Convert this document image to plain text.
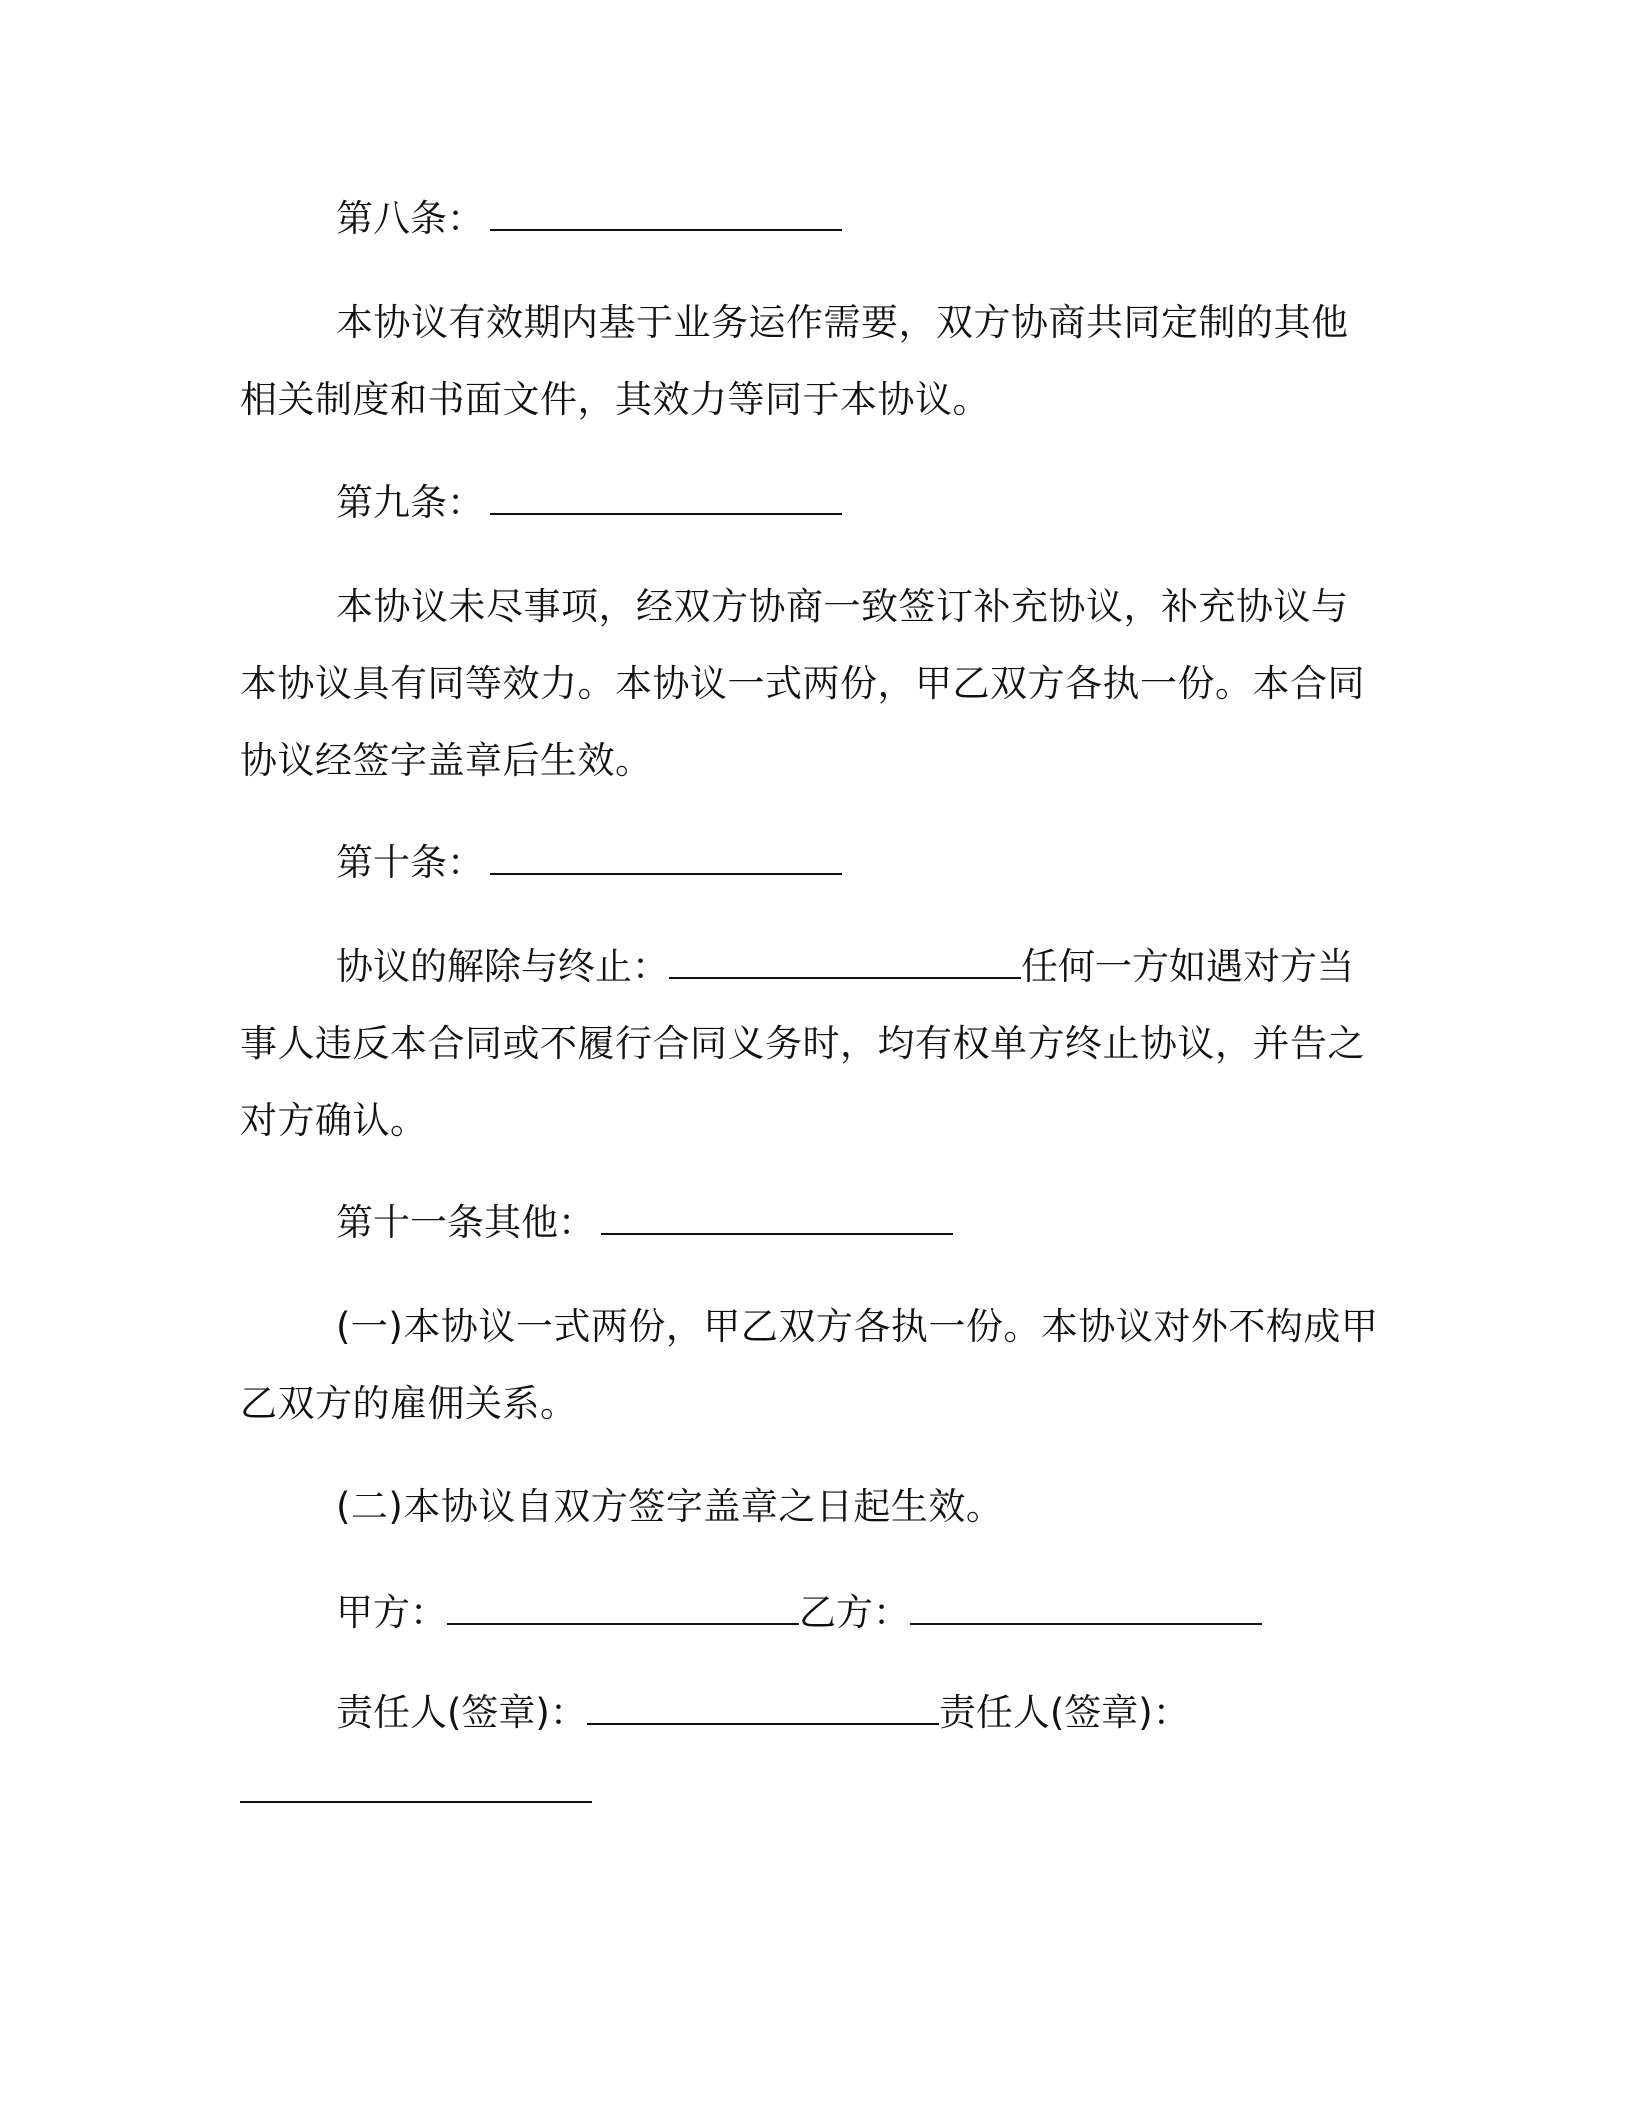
第八条：

本协议有效期内基于业务运作需要，双方协商共同定制的其他相关制度和书面文件，其效力等同于本协议。

第九条：

本协议未尽事项，经双方协商一致签订补充协议，补充协议与本协议具有同等效力。本协议一式两份，甲乙双方各执一份。本合同协议经签字盖章后生效。

第十条：

协议的解除与终止：	任何一方如遇对方当

事人违反本合同或不履行合同义务时，均有权单方终止协议，并告之对方确认。

第十一条其他：

(一)本协议一式两份，甲乙双方各执一份。本协议对外不构成甲乙双方的雇佣关系。

(二)本协议自双方签字盖章之日起生效。

甲方：	乙方：

责任人(签章)：	责任人(签章)：
